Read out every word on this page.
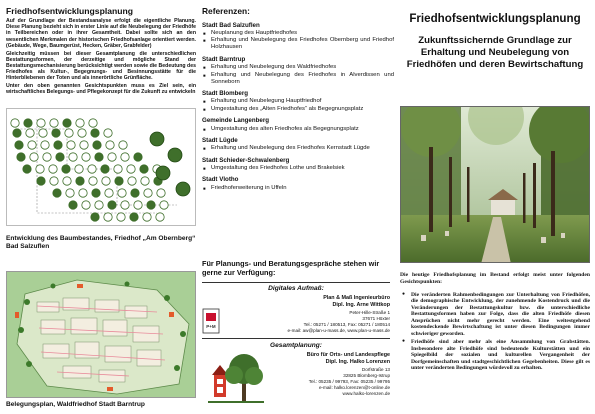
Friedhofsentwicklungsplanung

Auf der Grundlage der Bestandsanalyse erfolgt die eigentliche Planung. Diese Planung bezieht sich in erster Linie auf die Neubelegung der Friedhöfe in Teilbereichen oder in ihrer Gesamtheit. Dabei sollte sich an den wesentlichen Merkmalen der historischen Friedhofsanlage orientiert werden. (Gebäude, Wege, Baumgerüst, Hecken, Gräber, Grabfelder)

Gleichzeitig müssen bei dieser Gesamtplanung die unterschiedlichen Bestattungsformen, der derzeitige und mögliche Stand der Bestattungsmechanisierung berücksichtigt werden sowie die Bedeutung des Friedhofes als Kultur-, Begegnungs- und Besinnungsstätte für die Hinterbliebenen der Toten und als innerörtliche Grünfläche.

Unter den oben genannten Gesichtspunkten muss es Ziel sein, ein wirtschaftliches Belegungs- und Pflegekonzept für die Zukunft zu entwickeln

Entwicklung des Baumbestandes, Friedhof „Am Obernberg“ Bad Salzuflen
Belegungsplan, Waldfriedhof Stadt Barntrup
Referenzen:
Stadt Bad Salzuflen
■ Neuplanung des Hauptfriedhofes
■ Erhaltung und Neubelegung des Friedhofes Obernberg und Friedhof Holzhausen
Stadt Barntrup
■ Erhaltung und Neubelegung des Waldfriedhofes
■ Erhaltung und Neubelegung des Friedhofes in Alverdissen und Sonneborn
Stadt Blomberg
■ Erhaltung und Neubelegung Hauptfriedhof
■ Umgestaltung des „Alten Friedhofes“ als Begegnungsplatz
Gemeinde Langenberg
■ Umgestaltung des alten Friedhofes als Begegnungsplatz
Stadt Lügde
■ Erhaltung und Neubelegung des Friedhofes Kernstadt Lügde
Stadt Schieder-Schwalenberg
■ Umgestaltung des Friedhofes Lothe und Brakelsiek
Stadt Vlotho
■ Friedhoferweiterung in Uffeln
Für Planungs- und Beratungsgespräche stehen wir gerne zur Verfügung:
Digitales Aufmaß:
P+M
Plan & Maß Ingenieurbüro
Dipl. Ing. Arne Wittkop
Peter-Hille-Straße 1
37671 Höxter
Tel.: 05271 / 180513, Fax: 05271 / 180514
e-mail: aw@plan-u-mass.de, www.plan-u-mass.de
Gesamtplanung:
Büro für Orts- und Landespflege
Dipl. Ing. Halko Lorenzen
Dorfstraße 13
32825 Blomberg-Istrup
Tel.: 05235 / 99793, Fax: 05235 / 99795
e-mail: halko.lorenzen@t-online.de
www.halko-lorenzen.de
Friedhofsentwicklungsplanung
Zukunftssichernde Grundlage zur Erhaltung und Neubelegung von Friedhöfen und deren Bewirtschaftung
Die heutige Friedhofsplanung im Bestand erfolgt meist unter folgenden Gesichtspunkten:
● Die veränderten Rahmenbedingungen zur Unterhaltung von Friedhöfen, die demographische Entwicklung, der zunehmende Kostendruck und die Veränderungen der Bestattungskultur bzw. die unterschiedliche Bestattungsformen haben zur Folge, dass die alten Friedhöfe diesen Ansprüchen nicht mehr gerecht werden. Eine weitestgehend kostendeckende Bewirtschaftung ist unter diesen Bedingungen immer schwieriger geworden.
● Friedhöfe sind aber mehr als eine Ansammlung von Grabstätten. Insbesondere alte Friedhöfe sind bedeutende Kulturstätten und ein Spiegelbild der sozialen und kulturellen Vergangenheit der Dorfgemeinschaften und stadtgeschichtlichen Gegebenheiten. Diese gilt es unter veränderten Bedingungen würdevoll zu erhalten.
